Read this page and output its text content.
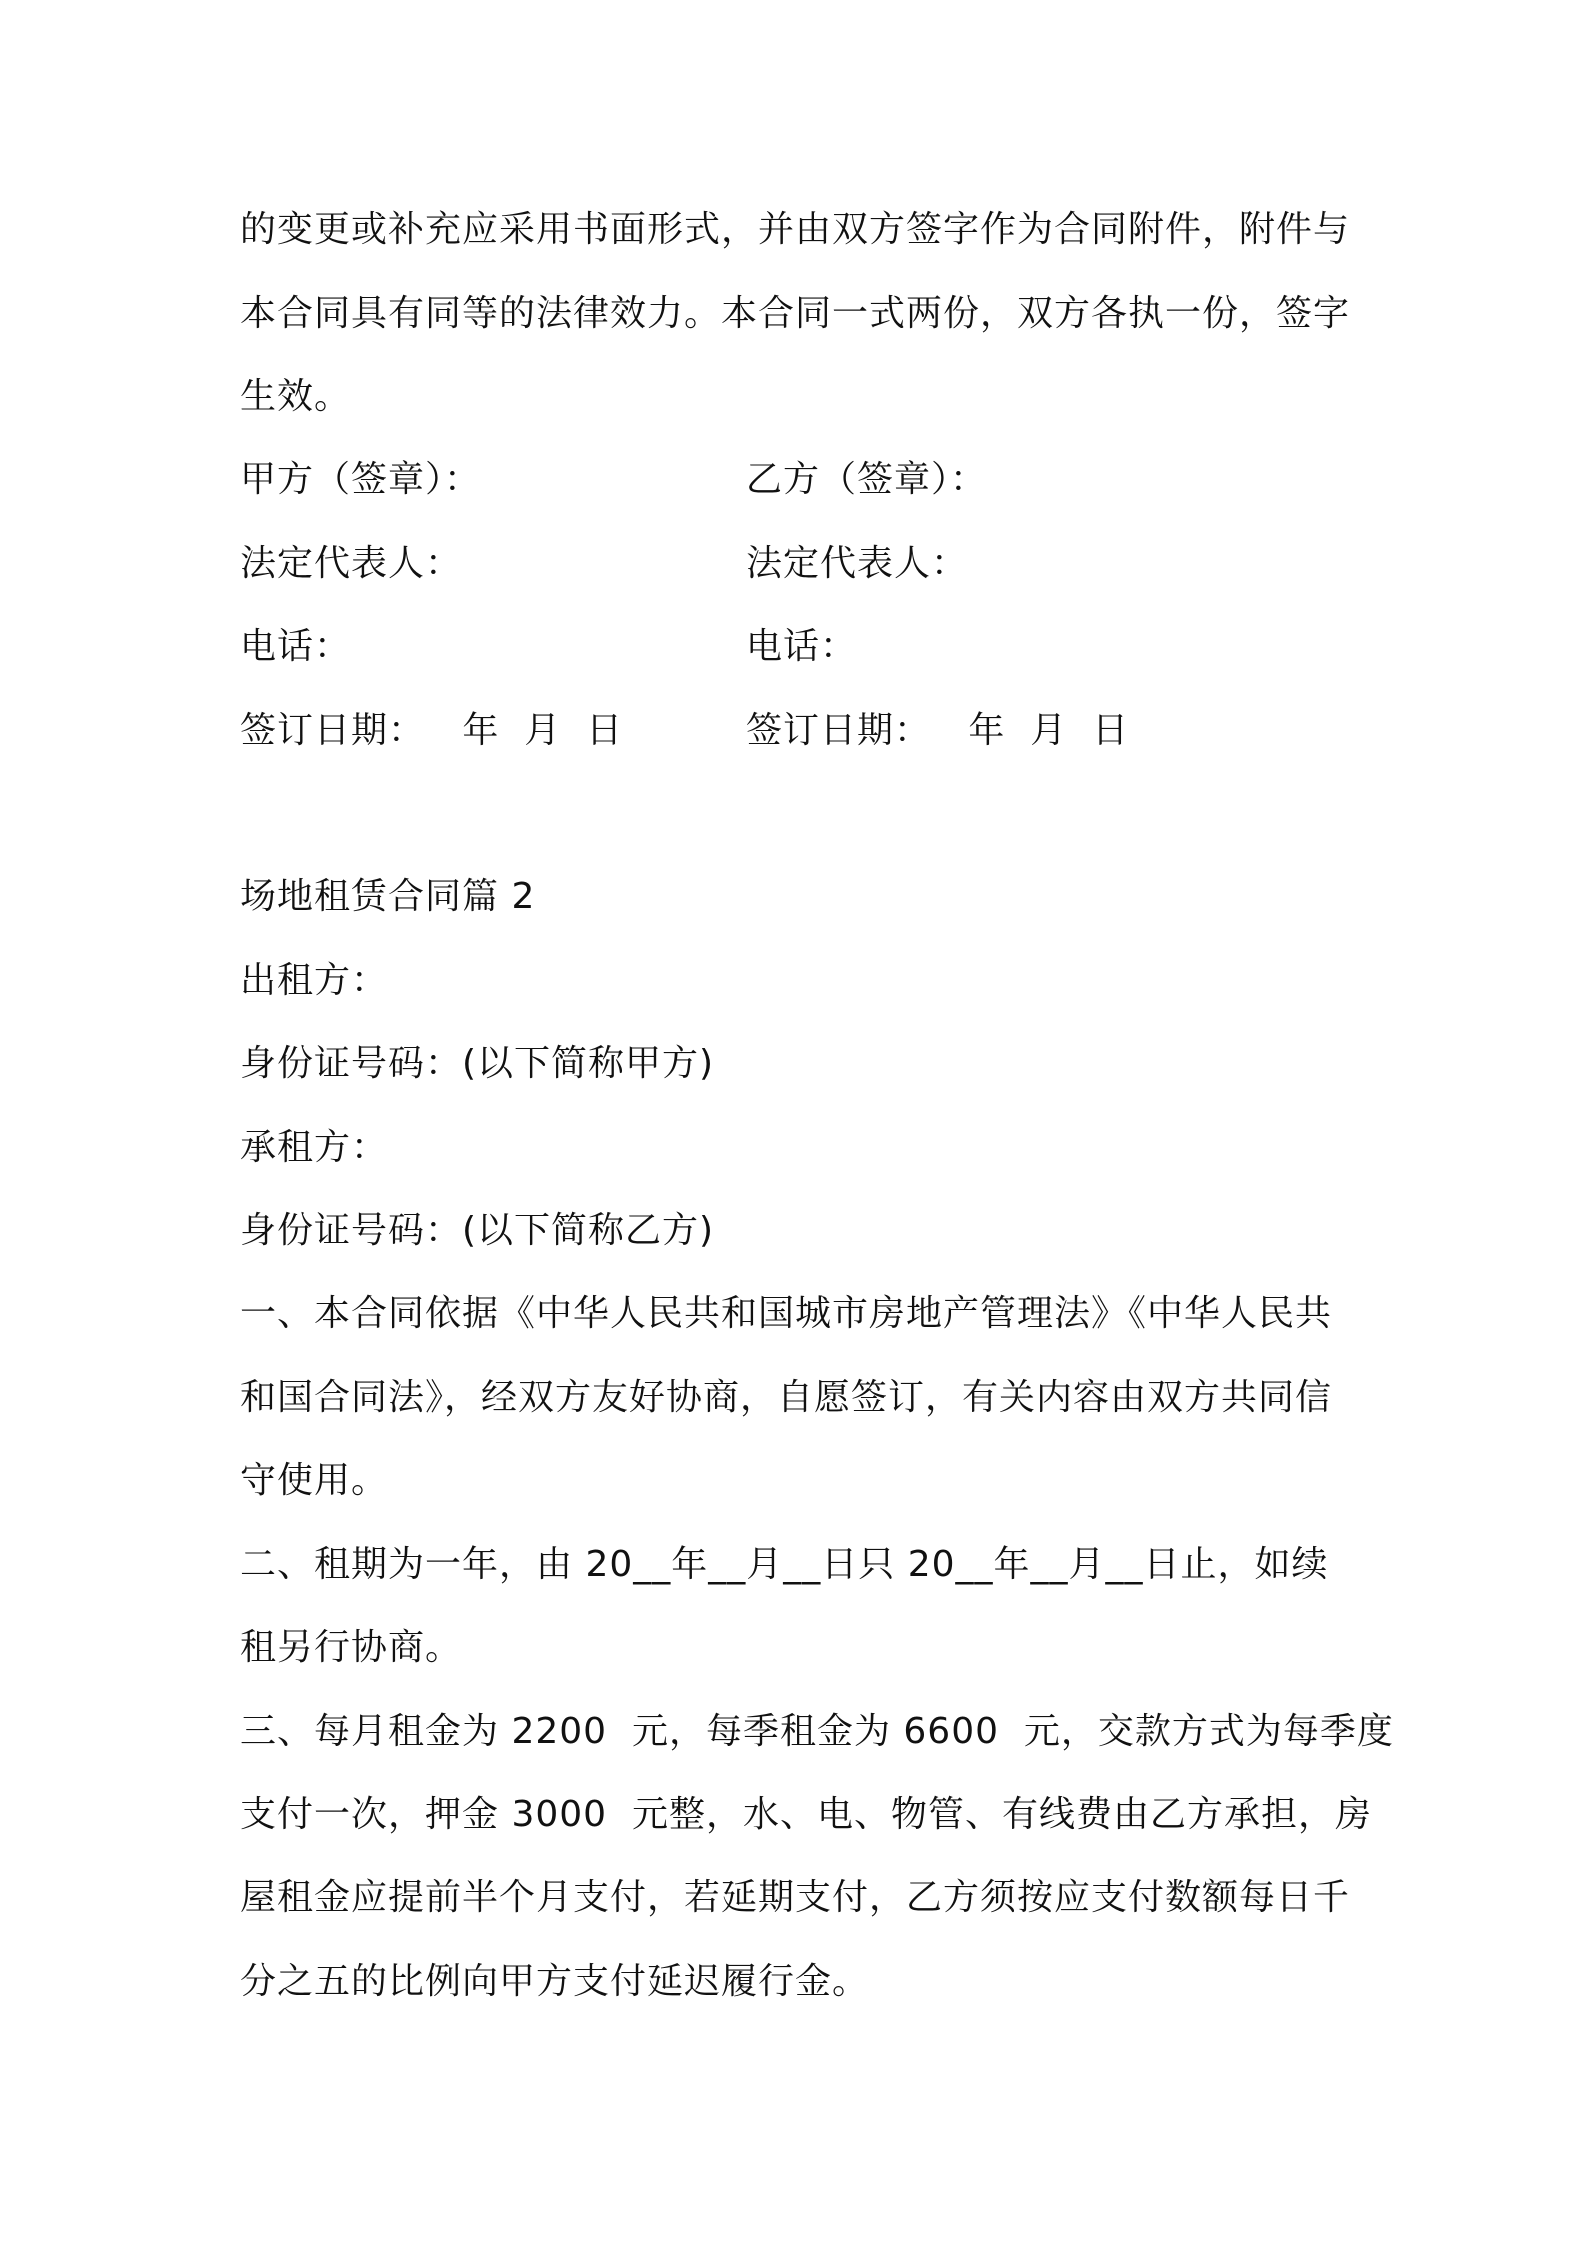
的变更或补充应采用书面形式，并由双方签字作为合同附件，附件与
本合同具有同等的法律效力。本合同一式两份，双方各执一份，签字
生效。
甲方（签章）：	乙方（签章）：
法定代表人：	法定代表人：
电话：	电话：
签订日期：   年  月  日	签订日期：   年  月  日
场地租赁合同篇 2
出租方：
身份证号码：(以下简称甲方)
承租方：
身份证号码：(以下简称乙方)
一、本合同依据《中华人民共和国城市房地产管理法》《中华人民共
和国合同法》，经双方友好协商，自愿签订，有关内容由双方共同信
守使用。
二、租期为一年，由 20__年__月__日只 20__年__月__日止，如续
租另行协商。
三、每月租金为 2200  元，每季租金为 6600  元，交款方式为每季度
支付一次，押金 3000  元整，水、电、物管、有线费由乙方承担，房
屋租金应提前半个月支付，若延期支付，乙方须按应支付数额每日千
分之五的比例向甲方支付延迟履行金。
